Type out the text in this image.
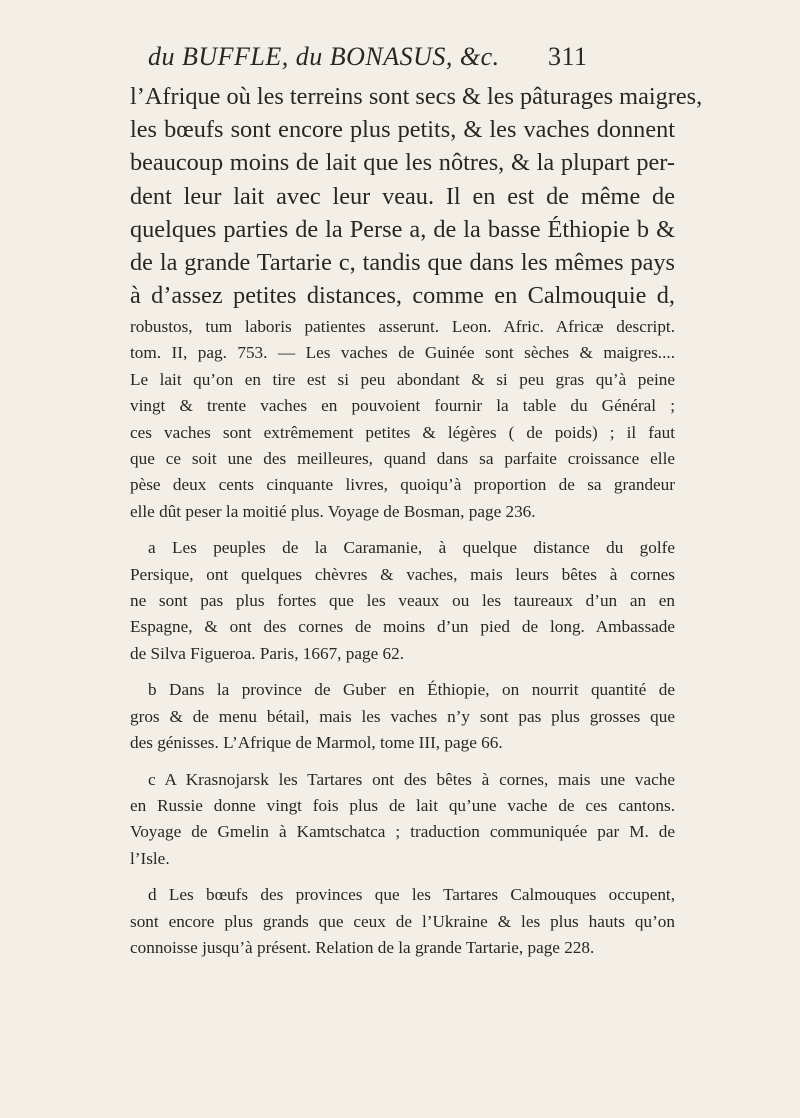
du BUFFLE, du BONASUS, &c. 311
l’Afrique où les terreins sont secs & les pâturages maigres,
les bœufs sont encore plus petits, & les vaches donnent
beaucoup moins de lait que les nôtres, & la plupart per-
dent leur lait avec leur veau. Il en est de même de
quelques parties de la Perse a, de la basse Éthiopie b &
de la grande Tartarie c, tandis que dans les mêmes pays
à d’assez petites distances, comme en Calmouquie d,
robustos, tum laboris patientes asserunt. Leon. Afric. Africæ descript.
tom. II, pag. 753. — Les vaches de Guinée sont sèches & maigres....
Le lait qu’on en tire est si peu abondant & si peu gras qu’à peine
vingt & trente vaches en pouvoient fournir la table du Général ;
ces vaches sont extrêmement petites & légères ( de poids) ; il faut
que ce soit une des meilleures, quand dans sa parfaite croissance elle
pèse deux cents cinquante livres, quoiqu’à proportion de sa grandeur
elle dût peser la moitié plus. Voyage de Bosman, page 236.
a Les peuples de la Caramanie, à quelque distance du golfe
Persique, ont quelques chèvres & vaches, mais leurs bêtes à cornes
ne sont pas plus fortes que les veaux ou les taureaux d’un an en
Espagne, & ont des cornes de moins d’un pied de long. Ambassade
de Silva Figueroa. Paris, 1667, page 62.
b Dans la province de Guber en Éthiopie, on nourrit quantité de
gros & de menu bétail, mais les vaches n’y sont pas plus grosses que
des génisses. L’Afrique de Marmol, tome III, page 66.
c A Krasnojarsk les Tartares ont des bêtes à cornes, mais une vache
en Russie donne vingt fois plus de lait qu’une vache de ces cantons.
Voyage de Gmelin à Kamtschatca ; traduction communiquée par M. de
l’Isle.
d Les bœufs des provinces que les Tartares Calmouques occupent,
sont encore plus grands que ceux de l’Ukraine & les plus hauts qu’on
connoisse jusqu’à présent. Relation de la grande Tartarie, page 228.
